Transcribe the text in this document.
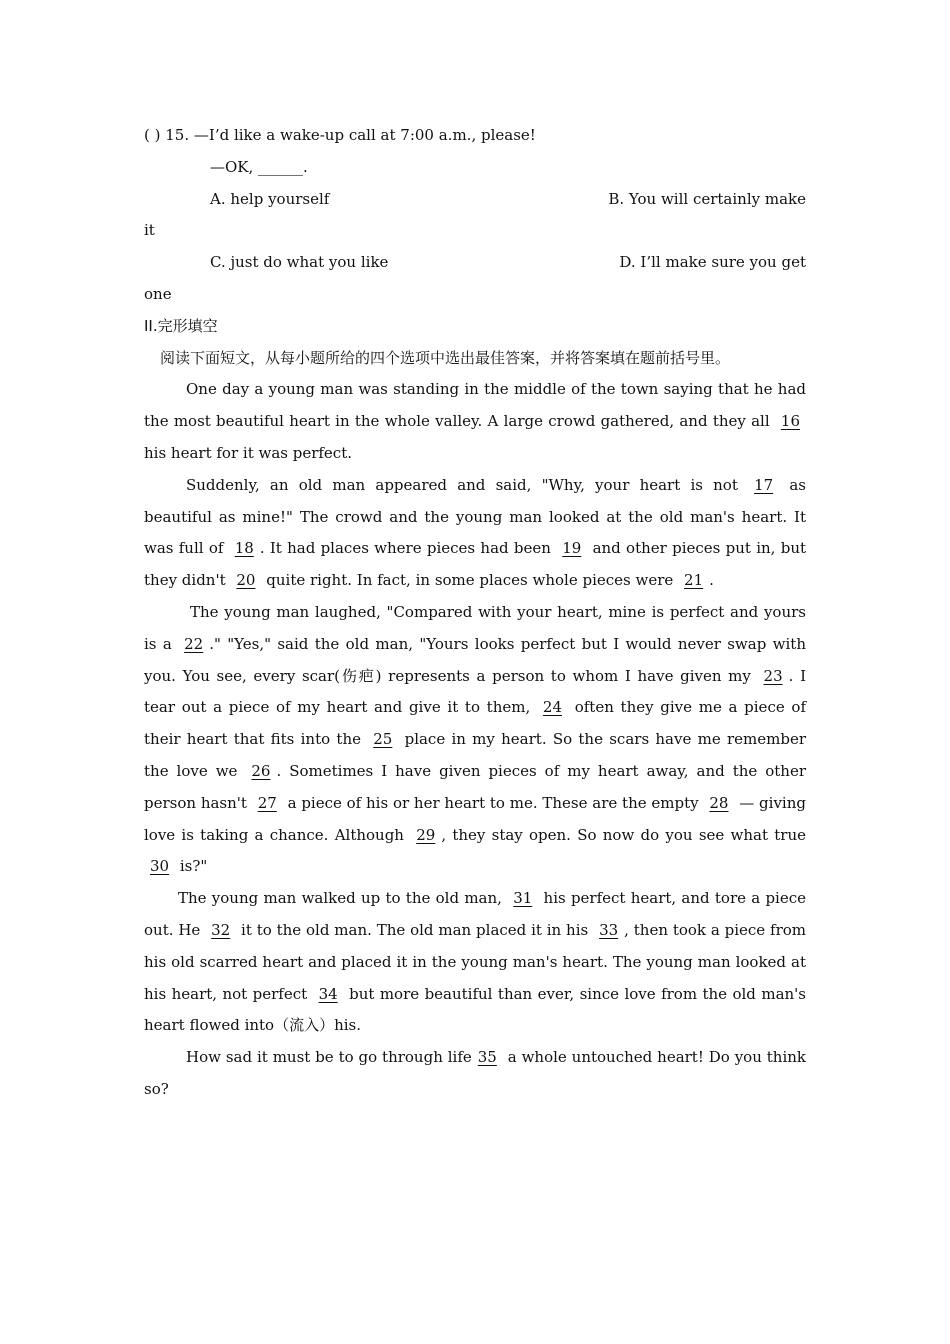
( ) 15. —I’d like a wake-up call at 7:00 a.m., please!
—OK, ______.
A. help yourself	B. You will certainly make
it
C. just do what you like	D. I’ll make sure you get
one
II.完形填空
阅读下面短文，从每小题所给的四个选项中选出最佳答案，并将答案填在题前括号里。
One day a young man was standing in the middle of the town saying that he had the most beautiful heart in the whole valley. A large crowd gathered, and they all 16 his heart for it was perfect.
Suddenly, an old man appeared and said, "Why, your heart is not 17 as beautiful as mine!" The crowd and the young man looked at the old man's heart. It was full of 18 . It had places where pieces had been 19 and other pieces put in, but they didn't 20 quite right. In fact, in some places whole pieces were 21 .
The young man laughed, "Compared with your heart, mine is perfect and yours is a 22 ." "Yes," said the old man, "Yours looks perfect but I would never swap with you. You see, every scar(伤疤) represents a person to whom I have given my 23 . I tear out a piece of my heart and give it to them, 24 often they give me a piece of their heart that fits into the 25 place in my heart. So the scars have me remember the love we 26 . Sometimes I have given pieces of my heart away, and the other person hasn't 27 a piece of his or her heart to me. These are the empty 28 — giving love is taking a chance. Although 29 , they stay open. So now do you see what true 30 is?"
The young man walked up to the old man, 31 his perfect heart, and tore a piece out. He 32 it to the old man. The old man placed it in his 33 , then took a piece from his old scarred heart and placed it in the young man's heart. The young man looked at his heart, not perfect 34 but more beautiful than ever, since love from the old man's heart flowed into（流入）his.
How sad it must be to go through life 35 a whole untouched heart! Do you think so?
